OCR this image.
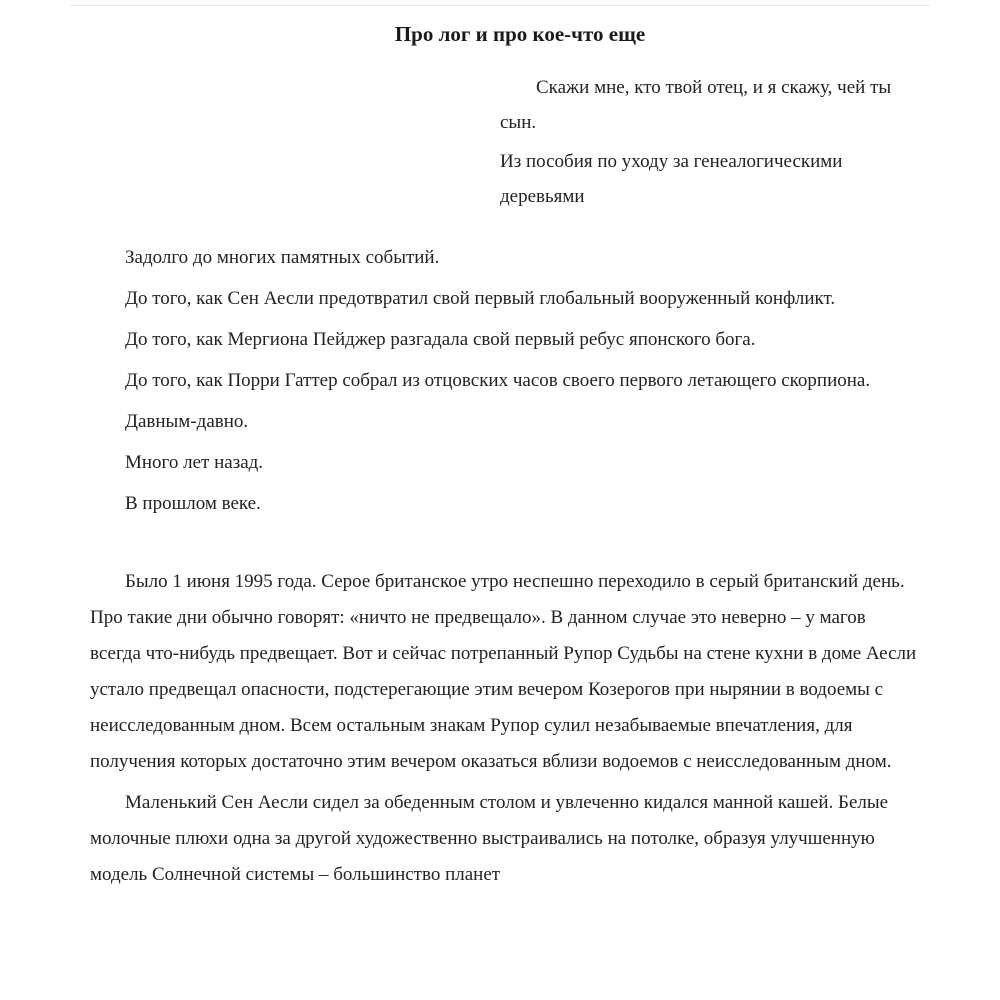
Про лог и про кое-что еще

Скажи мне, кто твой отец, и я скажу, чей ты сын.

Из пособия по уходу за генеалогическими деревьями

Задолго до многих памятных событий.

До того, как Сен Аесли предотвратил свой первый глобальный вооруженный конфликт.

До того, как Мергиона Пейджер разгадала свой первый ребус японского бога.

До того, как Порри Гаттер собрал из отцовских часов своего первого летающего скорпиона.

Давным-давно.

Много лет назад.

В прошлом веке.

Было 1 июня 1995 года. Серое британское утро неспешно переходило в серый британский день. Про такие дни обычно говорят: «ничто не предвещало». В данном случае это неверно – у магов всегда что-нибудь предвещает. Вот и сейчас потрепанный Рупор Судьбы на стене кухни в доме Аесли устало предвещал опасности, подстерегающие этим вечером Козерогов при нырянии в водоемы с неисследованным дном. Всем остальным знакам Рупор сулил незабываемые впечатления, для получения которых достаточно этим вечером оказаться вблизи водоемов с неисследованным дном.

Маленький Сен Аесли сидел за обеденным столом и увлеченно кидался манной кашей. Белые молочные плюхи одна за другой художественно выстраивались на потолке, образуя улучшенную модель Солнечной системы – большинство планет
